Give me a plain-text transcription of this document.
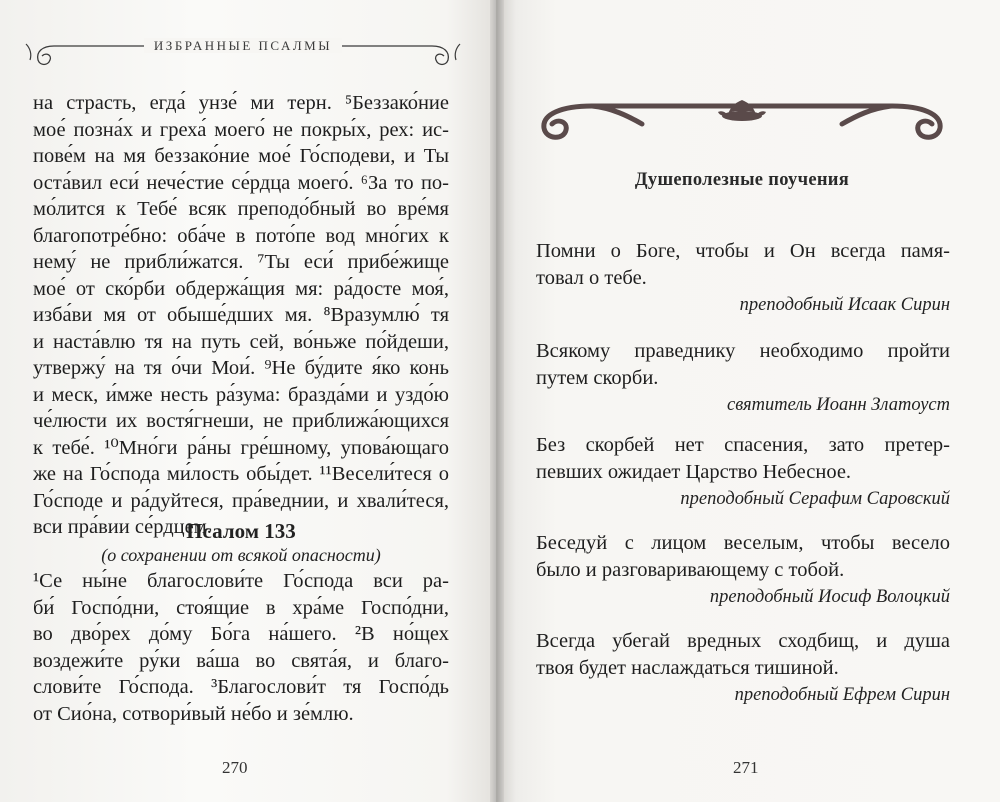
ИЗБРАННЫЕ ПСАЛМЫ
на страсть, егда́ унзе́ ми терн. ⁵Беззако́ние
мое́ позна́х и греха́ моего́ не покры́х, рех: ис-
пове́м на мя беззако́ние мое́ Го́сподеви, и Ты
оста́вил еси́ нече́стие се́рдца моего́. ⁶За то по-
мо́лится к Тебе́ всяк преподо́бный во вре́мя
благопотре́бно: оба́че в пото́пе вод мно́гих к
нему́ не прибли́жатся. ⁷Ты еси́ прибе́жище
мое́ от ско́рби обдержа́щия мя: ра́досте моя́,
изба́ви мя от обыше́дших мя. ⁸Вразумлю́ тя
и наста́влю тя на путь сей, во́ньже по́йдеши,
утвержу́ на тя о́чи Мои́. ⁹Не бу́дите я́ко конь
и меск, и́мже несть ра́зума: бразда́ми и уздо́ю
че́люсти их востя́гнеши, не приближа́ющихся
к тебе́. ¹⁰Мно́ги ра́ны гре́шному, упова́ющаго
же на Го́спода ми́лость обы́дет. ¹¹Весели́теся о
Го́споде и ра́дуйтеся, пра́веднии, и хвали́теся,
вси пра́вии се́рдцем.
Псалом 133
(о сохранении от всякой опасности)
¹Се ны́не благослови́те Го́спода вси ра-
би́ Госпо́дни, стоя́щие в хра́ме Госпо́дни,
во дво́рех до́му Бо́га на́шего. ²В но́щех
воздежи́те ру́ки ва́ша во свята́я, и благо-
слови́те Го́спода. ³Благослови́т тя Госпо́дь
от Сио́на, сотвори́вый не́бо и зе́млю.
270
Душеполезные поучения
Помни о Боге, чтобы и Он всегда памя-
товал о тебе.
преподобный Исаак Сирин
Всякому праведнику необходимо пройти
путем скорби.
святитель Иоанн Златоуст
Без скорбей нет спасения, зато претер-
певших ожидает Царство Небесное.
преподобный Серафим Саровский
Беседуй с лицом веселым, чтобы весело
было и разговаривающему с тобой.
преподобный Иосиф Волоцкий
Всегда убегай вредных сходбищ, и душа
твоя будет наслаждаться тишиной.
преподобный Ефрем Сирин
271
